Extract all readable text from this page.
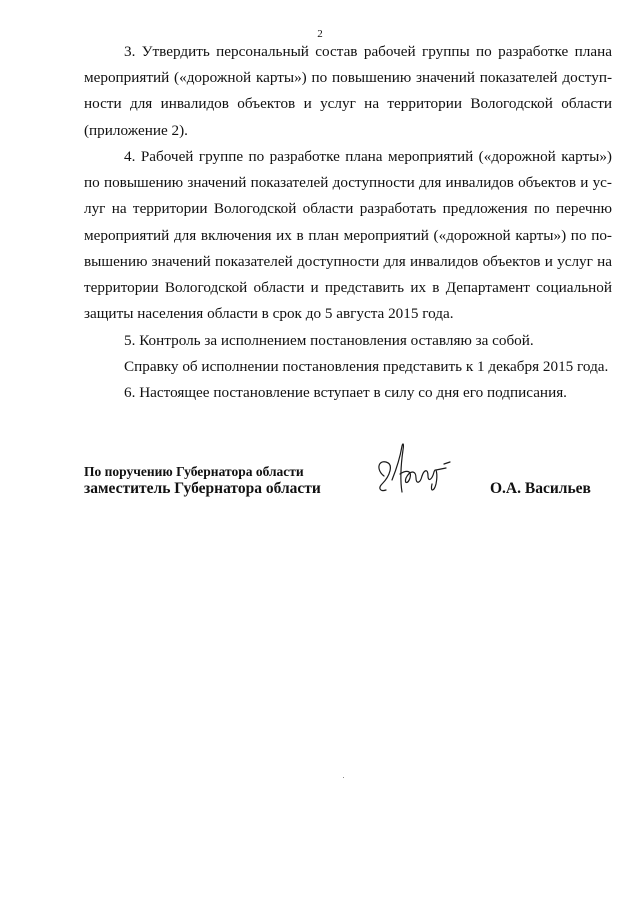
2
3. Утвердить персональный состав рабочей группы по разработке плана
мероприятий («дорожной карты») по повышению значений показателей доступ-
ности для инвалидов объектов и услуг на территории Вологодской области
(приложение 2).
4. Рабочей группе по разработке плана мероприятий («дорожной карты»)
по повышению значений показателей доступности для инвалидов объектов и ус-
луг на территории Вологодской области разработать предложения по перечню
мероприятий для включения их в план мероприятий («дорожной карты») по по-
вышению значений показателей доступности для инвалидов объектов и услуг на
территории Вологодской области и представить их в Департамент социальной
защиты населения области в срок до 5 августа 2015 года.
5. Контроль за исполнением постановления оставляю за собой.
Справку об исполнении постановления представить к 1 декабря 2015 года.
6. Настоящее постановление вступает в силу со дня его подписания.
По поручению Губернатора области
заместитель Губернатора области	О.А. Васильев
